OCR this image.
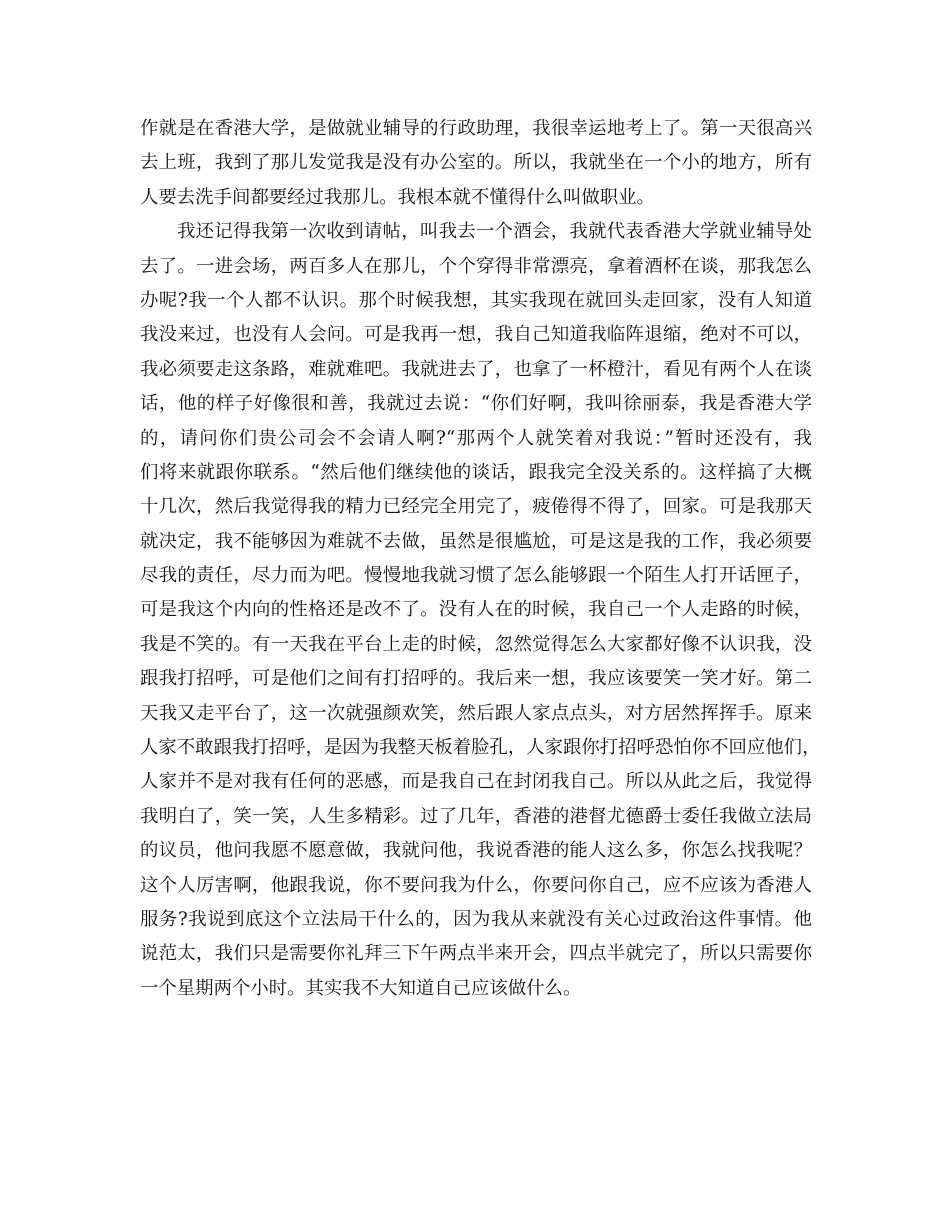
作就是在香港大学，是做就业辅导的行政助理，我很幸运地考上了。第一天很高兴
去上班，我到了那儿发觉我是没有办公室的。所以，我就坐在一个小的地方，所有
人要去洗手间都要经过我那儿。我根本就不懂得什么叫做职业。
我还记得我第一次收到请帖，叫我去一个酒会，我就代表香港大学就业辅导处
去了。一进会场，两百多人在那儿，个个穿得非常漂亮，拿着酒杯在谈，那我怎么
办呢?我一个人都不认识。那个时候我想，其实我现在就回头走回家，没有人知道
我没来过，也没有人会问。可是我再一想，我自己知道我临阵退缩，绝对不可以，
我必须要走这条路，难就难吧。我就进去了，也拿了一杯橙汁，看见有两个人在谈
话，他的样子好像很和善，我就过去说：“你们好啊，我叫徐丽泰，我是香港大学
的，请问你们贵公司会不会请人啊?“那两个人就笑着对我说：”暂时还没有，我
们将来就跟你联系。“然后他们继续他的谈话，跟我完全没关系的。这样搞了大概
十几次，然后我觉得我的精力已经完全用完了，疲倦得不得了，回家。可是我那天
就决定，我不能够因为难就不去做，虽然是很尴尬，可是这是我的工作，我必须要
尽我的责任，尽力而为吧。慢慢地我就习惯了怎么能够跟一个陌生人打开话匣子，
可是我这个内向的性格还是改不了。没有人在的时候，我自己一个人走路的时候，
我是不笑的。有一天我在平台上走的时候，忽然觉得怎么大家都好像不认识我，没
跟我打招呼，可是他们之间有打招呼的。我后来一想，我应该要笑一笑才好。第二
天我又走平台了，这一次就强颜欢笑，然后跟人家点点头，对方居然挥挥手。原来
人家不敢跟我打招呼，是因为我整天板着脸孔，人家跟你打招呼恐怕你不回应他们，
人家并不是对我有任何的恶感，而是我自己在封闭我自己。所以从此之后，我觉得
我明白了，笑一笑，人生多精彩。过了几年，香港的港督尤德爵士委任我做立法局
的议员，他问我愿不愿意做，我就问他，我说香港的能人这么多，你怎么找我呢？
这个人厉害啊，他跟我说，你不要问我为什么，你要问你自己，应不应该为香港人
服务?我说到底这个立法局干什么的，因为我从来就没有关心过政治这件事情。他
说范太，我们只是需要你礼拜三下午两点半来开会，四点半就完了，所以只需要你
一个星期两个小时。其实我不大知道自己应该做什么。
